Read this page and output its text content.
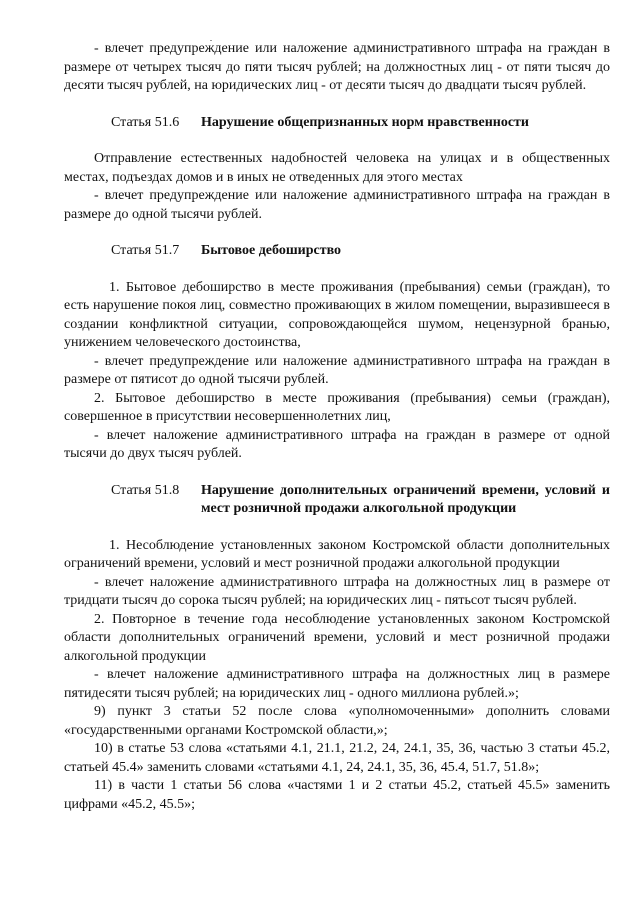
- влечет предупреждение или наложение административного штрафа на граждан в размере от четырех тысяч до пяти тысяч рублей; на должностных лиц - от пяти тысяч до десяти тысяч рублей, на юридических лиц - от десяти тысяч до двадцати тысяч рублей.

Статья 51.6	Нарушение общепризнанных норм нравственности

Отправление естественных надобностей человека на улицах и в общественных местах, подъездах домов и в иных не отведенных для этого местах

- влечет предупреждение или наложение административного штрафа на граждан в размере до одной тысячи рублей.

Статья 51.7	Бытовое дебоширство

1. Бытовое дебоширство в месте проживания (пребывания) семьи (граждан), то есть нарушение покоя лиц, совместно проживающих в жилом помещении, выразившееся в создании конфликтной ситуации, сопровождающейся шумом, нецензурной бранью, унижением человеческого достоинства,

- влечет предупреждение или наложение административного штрафа на граждан в размере от пятисот до одной тысячи рублей.

2. Бытовое дебоширство в месте проживания (пребывания) семьи (граждан), совершенное в присутствии несовершеннолетних лиц,

- влечет наложение административного штрафа на граждан в размере от одной тысячи до двух тысяч рублей.

Статья 51.8	Нарушение дополнительных ограничений времени, условий и мест розничной продажи алкогольной продукции

1. Несоблюдение установленных законом Костромской области дополнительных ограничений времени, условий и мест розничной продажи алкогольной продукции

- влечет наложение административного штрафа на должностных лиц в размере от тридцати тысяч до сорока тысяч рублей; на юридических лиц - пятьсот тысяч рублей.

2. Повторное в течение года несоблюдение установленных законом Костромской области дополнительных ограничений времени, условий и мест розничной продажи алкогольной продукции

- влечет наложение административного штрафа на должностных лиц в размере пятидесяти тысяч рублей; на юридических лиц - одного миллиона рублей.»;

9) пункт 3 статьи 52 после слова «уполномоченными» дополнить словами «государственными органами Костромской области,»;

10) в статье 53 слова «статьями 4.1, 21.1, 21.2, 24, 24.1, 35, 36, частью 3 статьи 45.2, статьей 45.4» заменить словами «статьями 4.1, 24, 24.1, 35, 36, 45.4, 51.7, 51.8»;

11) в части 1 статьи 56 слова «частями 1 и 2 статьи 45.2, статьей 45.5» заменить цифрами «45.2, 45.5»;
